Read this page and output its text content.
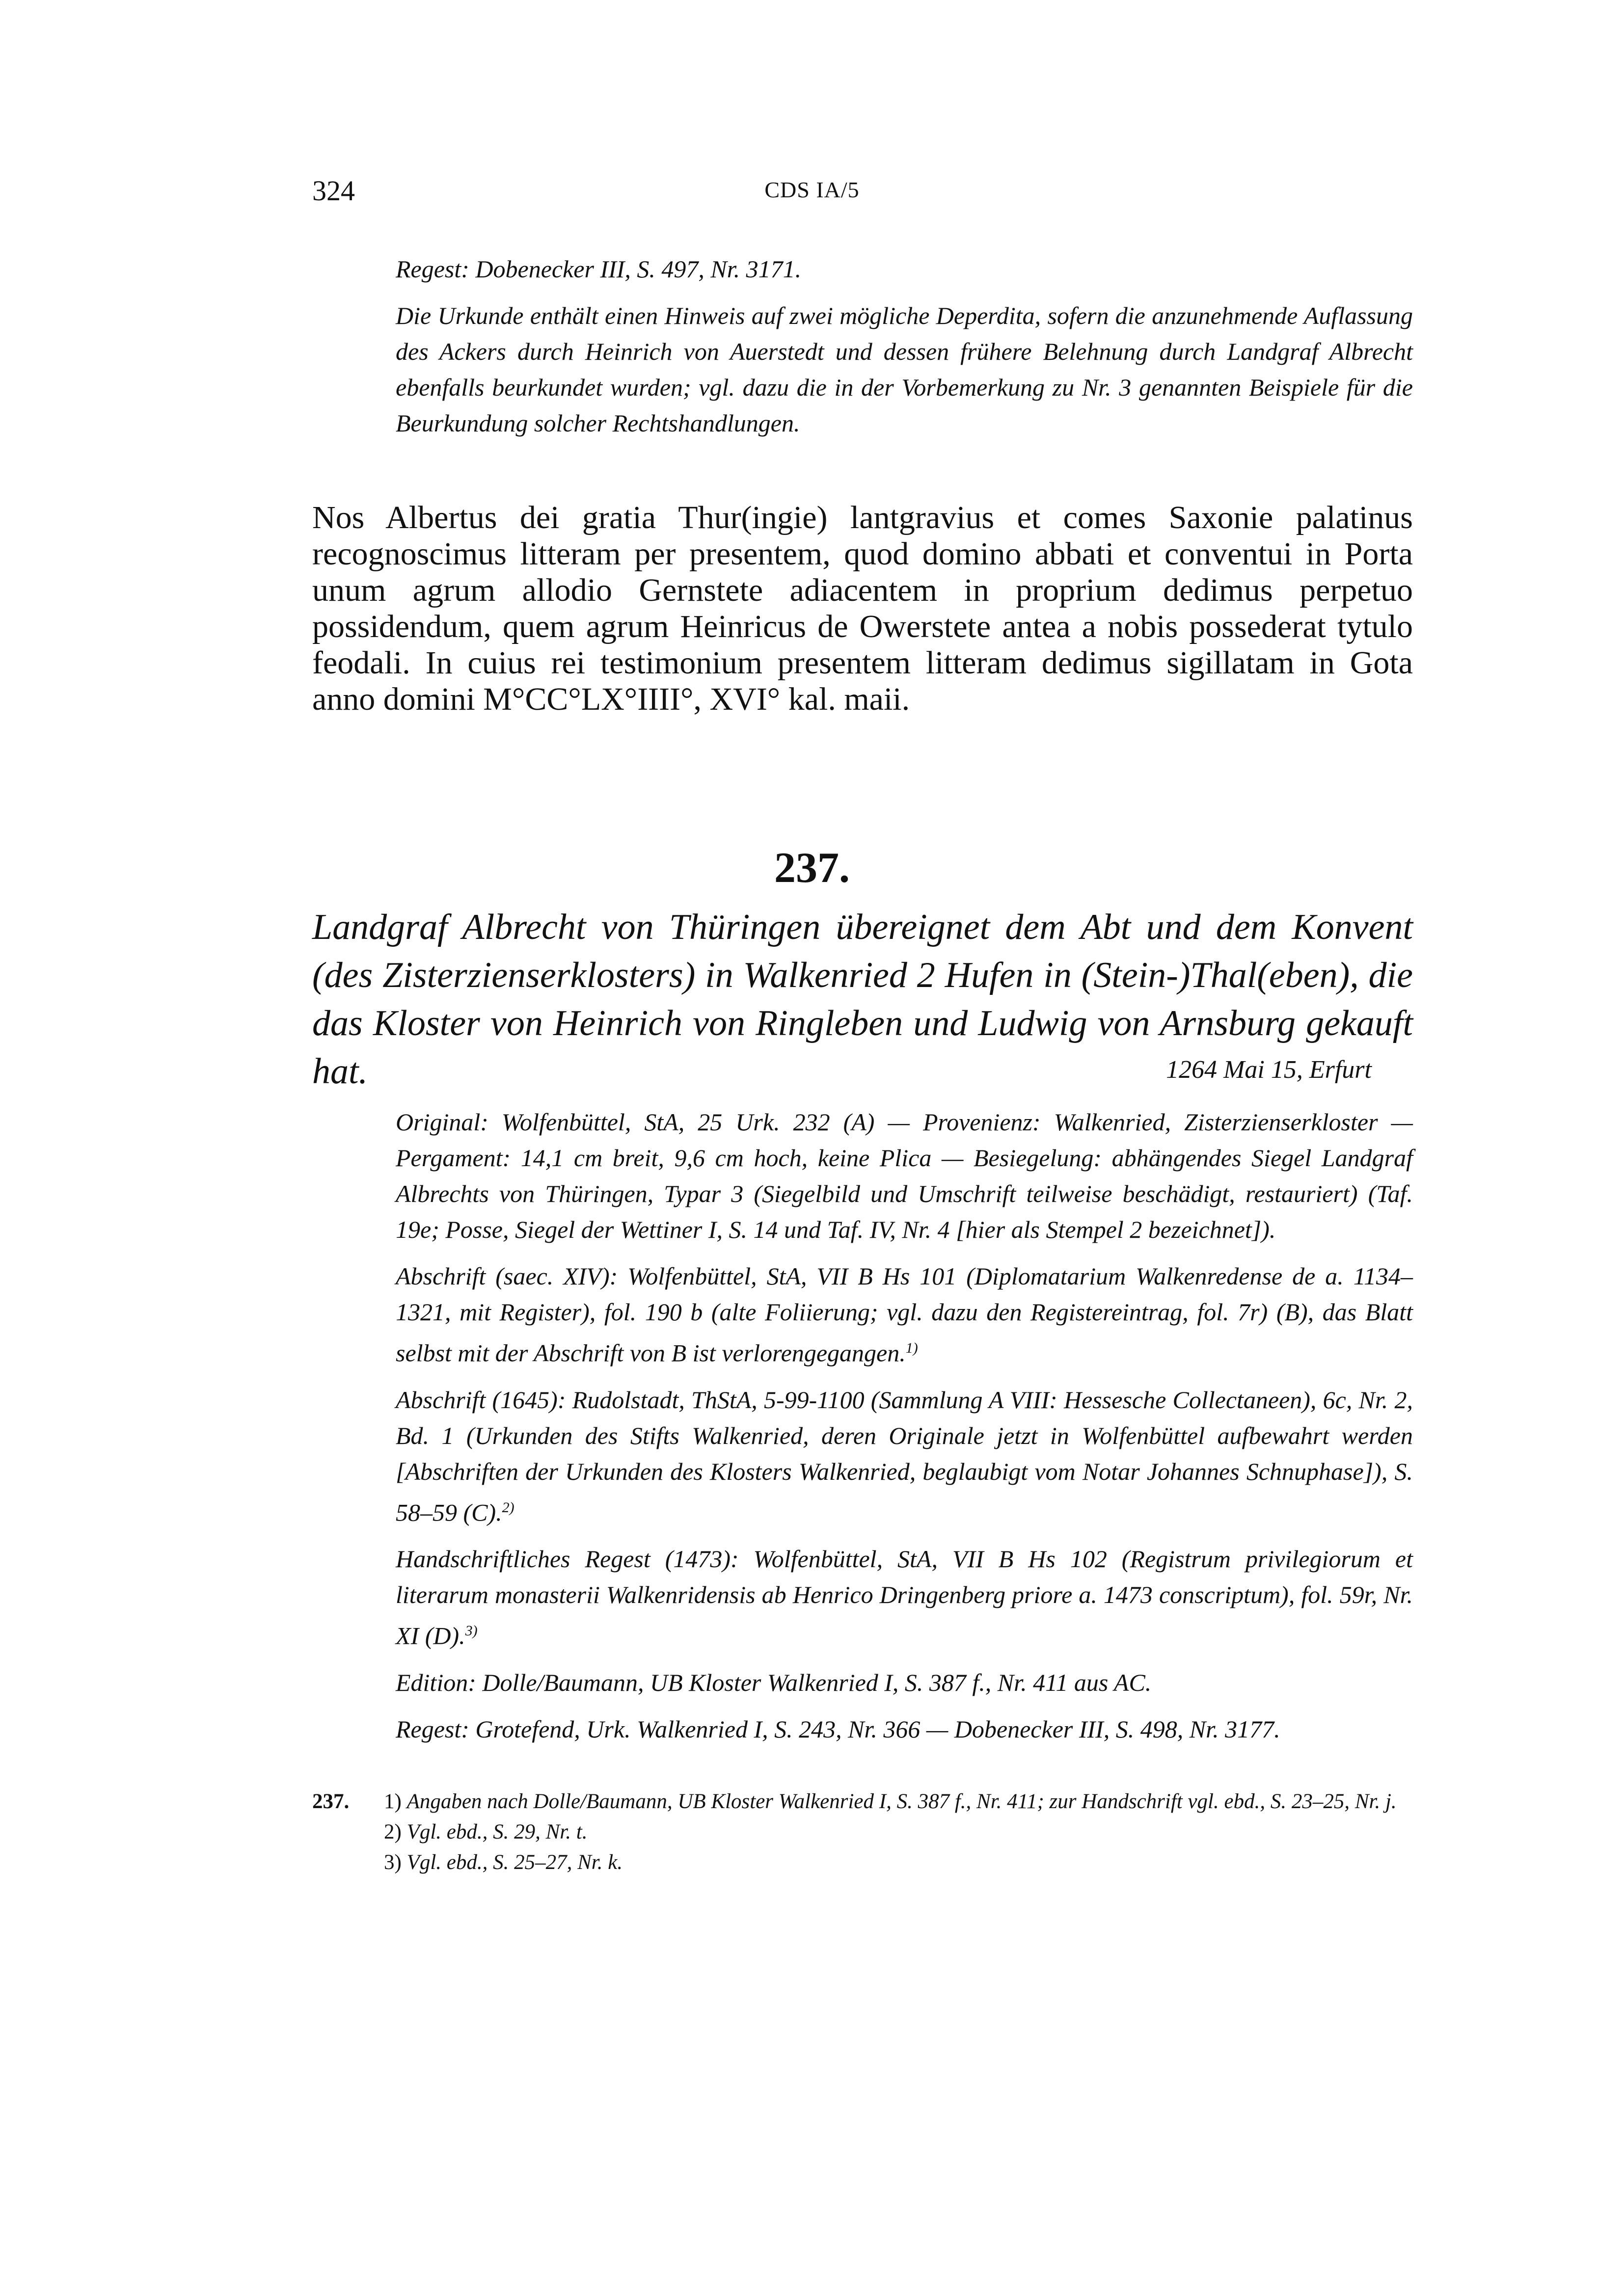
324	CDS IA/5

Regest: Dobenecker III, S. 497, Nr. 3171.

Die Urkunde enthält einen Hinweis auf zwei mögliche Deperdita, sofern die anzunehmende Auflassung des Ackers durch Heinrich von Auerstedt und dessen frühere Belehnung durch Landgraf Albrecht ebenfalls beurkundet wurden; vgl. dazu die in der Vorbemerkung zu Nr. 3 genannten Beispiele für die Beurkundung solcher Rechtshandlungen.

Nos Albertus dei gratia Thur(ingie) lantgravius et comes Saxonie palatinus recognoscimus litteram per presentem, quod domino abbati et conventui in Porta unum agrum allodio Gernstete adiacentem in proprium dedimus perpetuo possidendum, quem agrum Heinricus de Owerstete antea a nobis possederat tytulo feodali. In cuius rei testimonium presentem litteram dedimus sigillatam in Gota anno domini M°CC°LX°IIII°, XVI° kal. maii.
237.
Landgraf Albrecht von Thüringen übereignet dem Abt und dem Konvent (des Zisterzienserklosters) in Walkenried 2 Hufen in (Stein-)Thal(eben), die das Kloster von Heinrich von Ringleben und Ludwig von Arnsburg gekauft hat.	1264 Mai 15, Erfurt

Original: Wolfenbüttel, StA, 25 Urk. 232 (A) — Provenienz: Walkenried, Zisterzienserkloster — Pergament: 14,1 cm breit, 9,6 cm hoch, keine Plica — Besiegelung: abhängendes Siegel Landgraf Albrechts von Thüringen, Typar 3 (Siegelbild und Umschrift teilweise beschädigt, restauriert) (Taf. 19e; Posse, Siegel der Wettiner I, S. 14 und Taf. IV, Nr. 4 [hier als Stempel 2 bezeichnet]).

Abschrift (saec. XIV): Wolfenbüttel, StA, VII B Hs 101 (Diplomatarium Walkenredense de a. 1134–1321, mit Register), fol. 190 b (alte Foliierung; vgl. dazu den Registereintrag, fol. 7r) (B), das Blatt selbst mit der Abschrift von B ist verlorengegangen.$^{1)}$

Abschrift (1645): Rudolstadt, ThStA, 5-99-1100 (Sammlung A VIII: Hessesche Collectaneen), 6c, Nr. 2, Bd. 1 (Urkunden des Stifts Walkenried, deren Originale jetzt in Wolfenbüttel aufbewahrt werden [Abschriften der Urkunden des Klosters Walkenried, beglaubigt vom Notar Johannes Schnuphase]), S. 58–59 (C).$^{2)}$

Handschriftliches Regest (1473): Wolfenbüttel, StA, VII B Hs 102 (Registrum privilegiorum et literarum monasterii Walkenridensis ab Henrico Dringenberg priore a. 1473 conscriptum), fol. 59r, Nr. XI (D).$^{3)}$

Edition: Dolle/Baumann, UB Kloster Walkenried I, S. 387 f., Nr. 411 aus AC.

Regest: Grotefend, Urk. Walkenried I, S. 243, Nr. 366 — Dobenecker III, S. 498, Nr. 3177.

237.	1) Angaben nach Dolle/Baumann, UB Kloster Walkenried I, S. 387 f., Nr. 411; zur Handschrift vgl. ebd., S. 23–25, Nr. j.
2) Vgl. ebd., S. 29, Nr. t.
3) Vgl. ebd., S. 25–27, Nr. k.
